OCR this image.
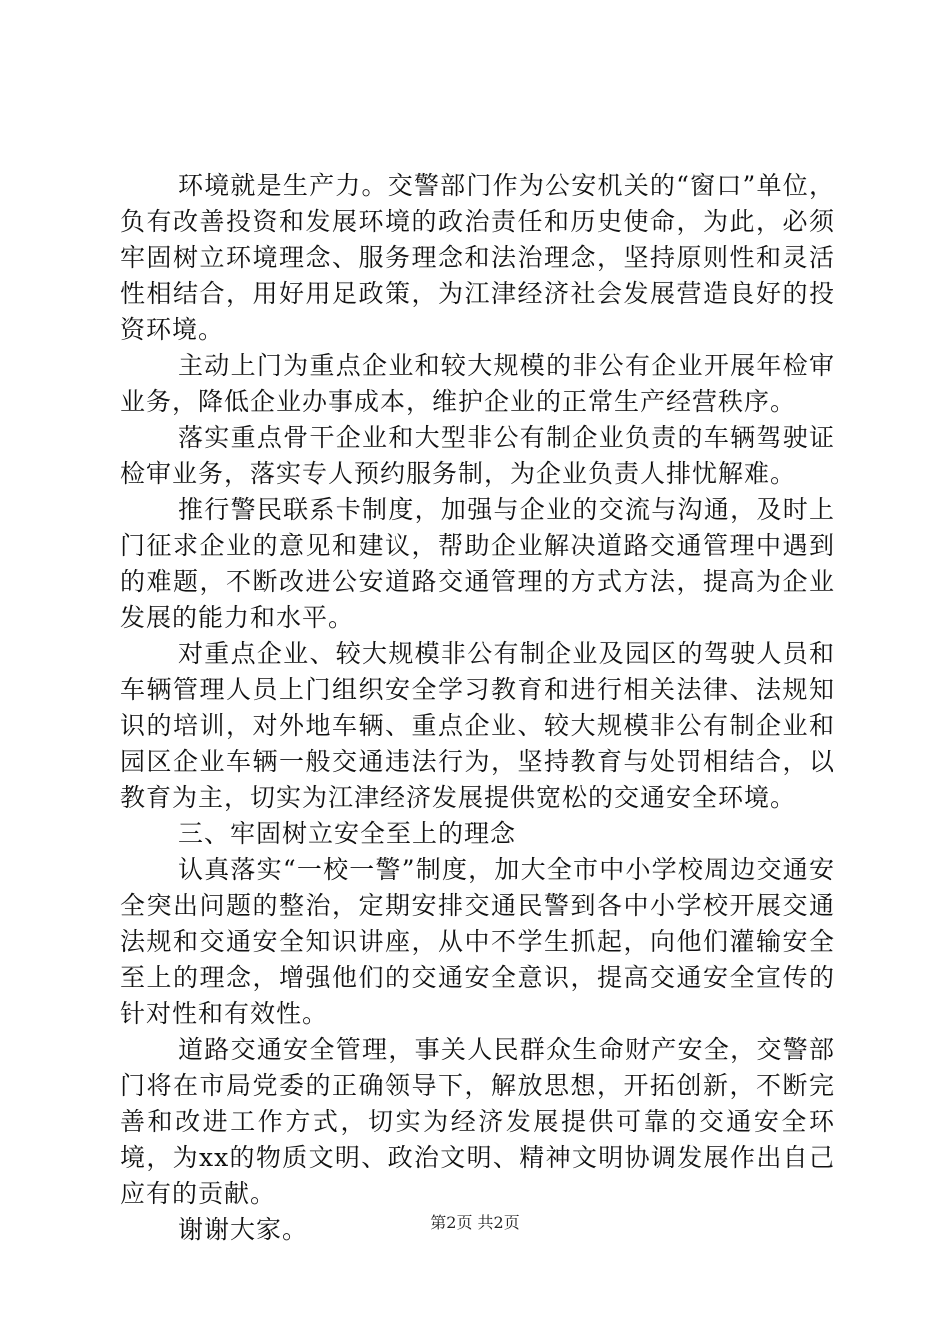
环境就是生产力。交警部门作为公安机关的“窗口”单位，负有改善投资和发展环境的政治责任和历史使命，为此，必须牢固树立环境理念、服务理念和法治理念，坚持原则性和灵活性相结合，用好用足政策，为江津经济社会发展营造良好的投资环境。

主动上门为重点企业和较大规模的非公有企业开展年检审业务，降低企业办事成本，维护企业的正常生产经营秩序。

落实重点骨干企业和大型非公有制企业负责的车辆驾驶证检审业务，落实专人预约服务制，为企业负责人排忧解难。

推行警民联系卡制度，加强与企业的交流与沟通，及时上门征求企业的意见和建议，帮助企业解决道路交通管理中遇到的难题，不断改进公安道路交通管理的方式方法，提高为企业发展的能力和水平。

对重点企业、较大规模非公有制企业及园区的驾驶人员和车辆管理人员上门组织安全学习教育和进行相关法律、法规知识的培训，对外地车辆、重点企业、较大规模非公有制企业和园区企业车辆一般交通违法行为，坚持教育与处罚相结合，以教育为主，切实为江津经济发展提供宽松的交通安全环境。

三、牢固树立安全至上的理念

认真落实“一校一警”制度，加大全市中小学校周边交通安全突出问题的整治，定期安排交通民警到各中小学校开展交通法规和交通安全知识讲座，从中不学生抓起，向他们灌输安全至上的理念，增强他们的交通安全意识，提高交通安全宣传的针对性和有效性。

道路交通安全管理，事关人民群众生命财产安全，交警部门将在市局党委的正确领导下，解放思想，开拓创新，不断完善和改进工作方式，切实为经济发展提供可靠的交通安全环境，为xx的物质文明、政治文明、精神文明协调发展作出自己应有的贡献。

谢谢大家。	第2页 共2页
